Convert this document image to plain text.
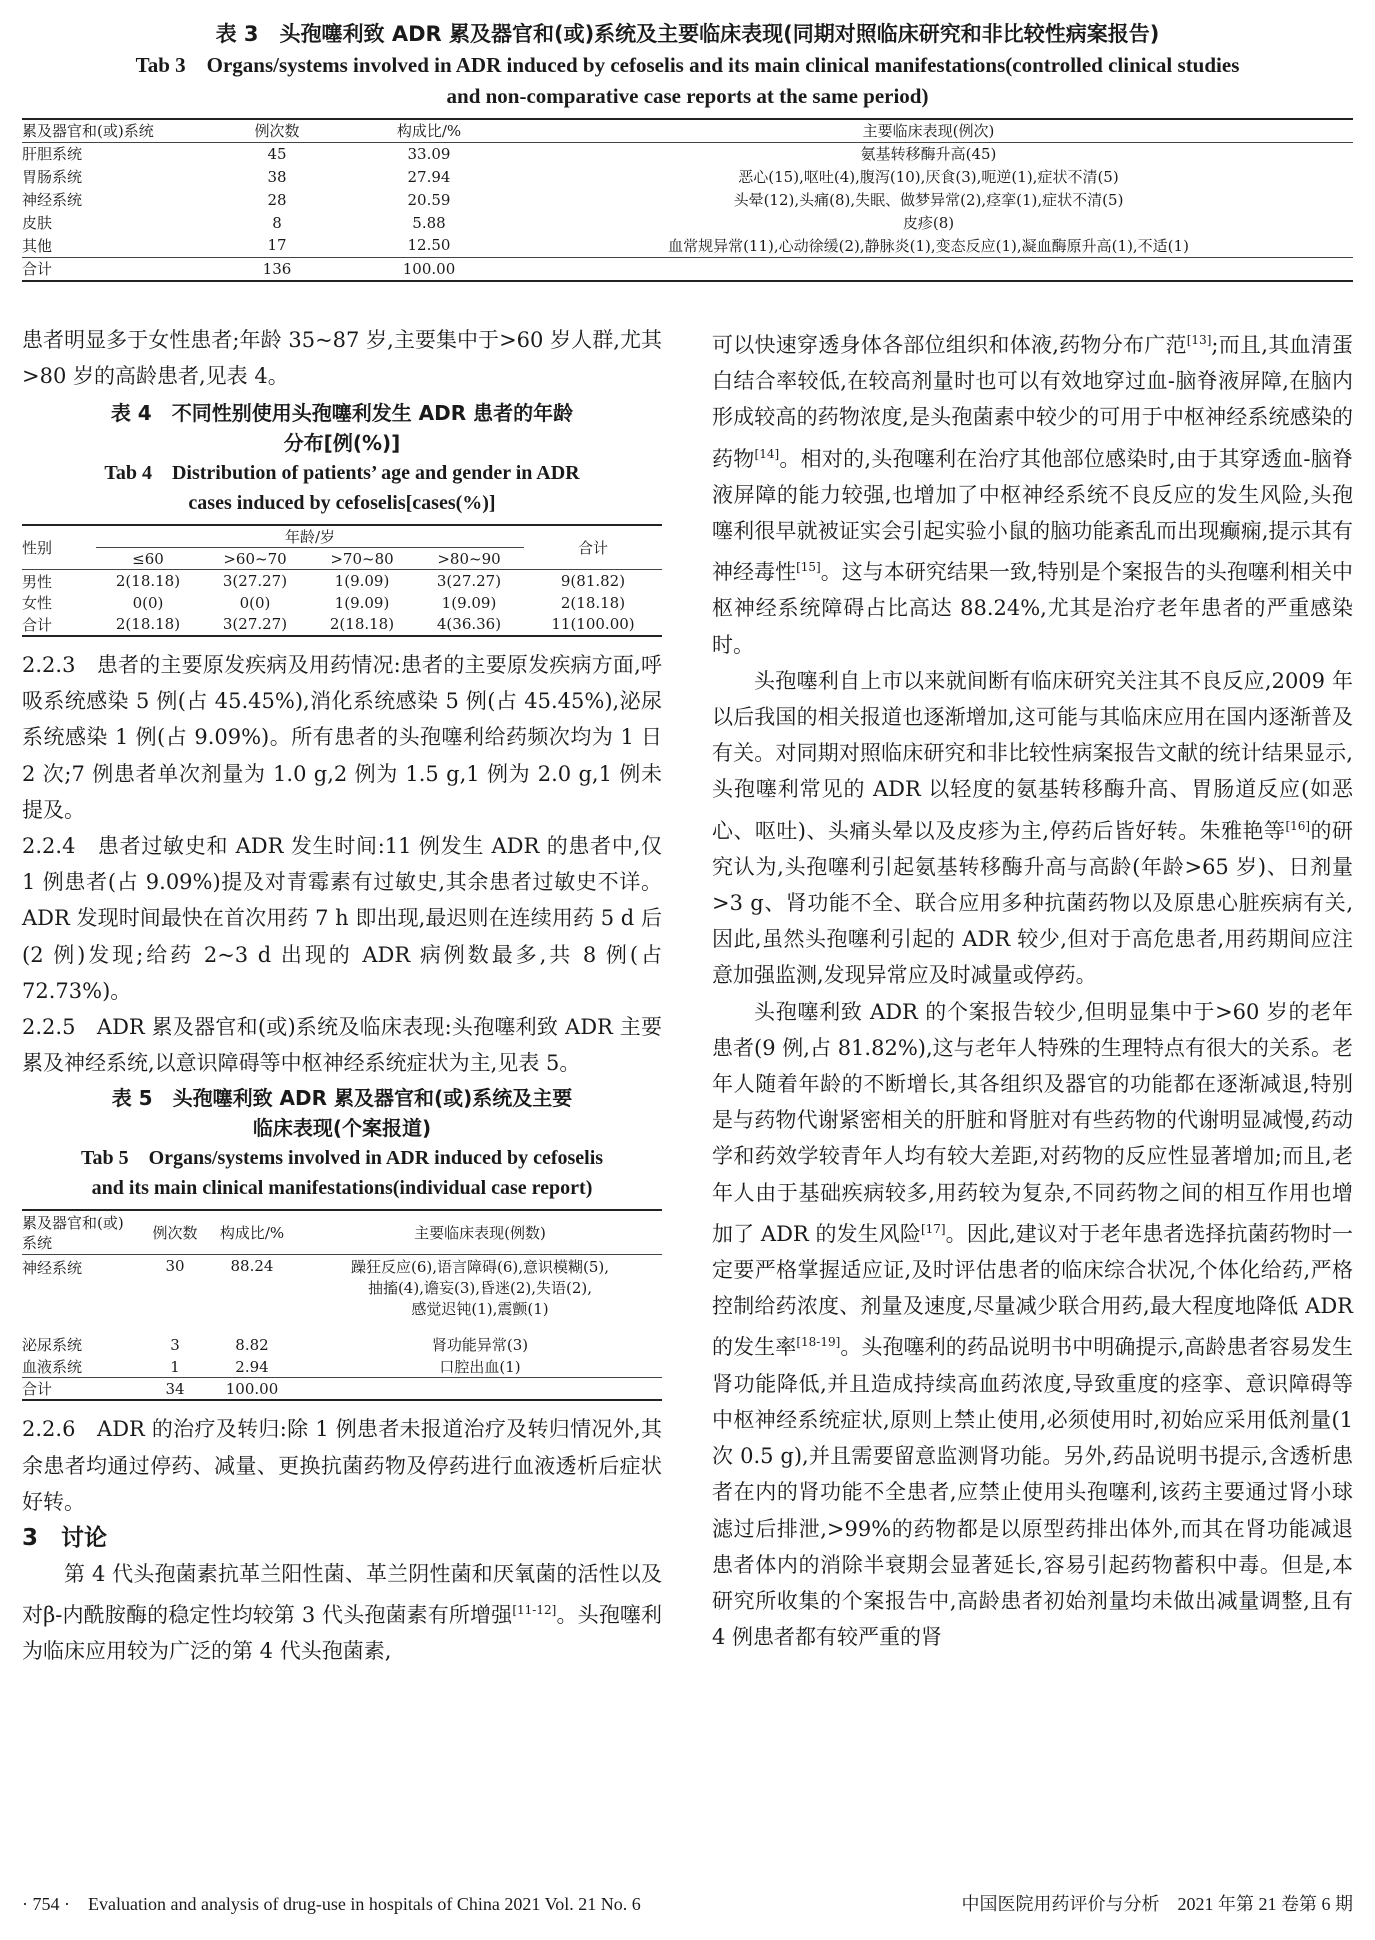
表 3　头孢噻利致 ADR 累及器官和(或)系统及主要临床表现(同期对照临床研究和非比较性病案报告)
Tab 3　Organs/systems involved in ADR induced by cefoselis and its main clinical manifestations(controlled clinical studies
and non-comparative case reports at the same period)
累及器官和(或)系统	例次数	构成比/%	主要临床表现(例次)
肝胆系统	45	33.09	氨基转移酶升高(45)
胃肠系统	38	27.94	恶心(15),呕吐(4),腹泻(10),厌食(3),呃逆(1),症状不清(5)
神经系统	28	20.59	头晕(12),头痛(8),失眠、做梦异常(2),痉挛(1),症状不清(5)
皮肤	8	5.88	皮疹(8)
其他	17	12.50	血常规异常(11),心动徐缓(2),静脉炎(1),变态反应(1),凝血酶原升高(1),不适(1)
合计	136	100.00	

患者明显多于女性患者;年龄 35~87 岁,主要集中于>60 岁人群,尤其>80 岁的高龄患者,见表 4。

表 4　不同性别使用头孢噻利发生 ADR 患者的年龄
分布[例(%)]
Tab 4　Distribution of patients’ age and gender in ADR
cases induced by cefoselis[cases(%)]
性别	年龄/岁				合计
	≤60	>60~70	>70~80	>80~90	
男性	2(18.18)	3(27.27)	1(9.09)	3(27.27)	9(81.82)
女性	0(0)	0(0)	1(9.09)	1(9.09)	2(18.18)
合计	2(18.18)	3(27.27)	2(18.18)	4(36.36)	11(100.00)

2.2.3　患者的主要原发疾病及用药情况:患者的主要原发疾病方面,呼吸系统感染 5 例(占 45.45%),消化系统感染 5 例(占 45.45%),泌尿系统感染 1 例(占 9.09%)。所有患者的头孢噻利给药频次均为 1 日 2 次;7 例患者单次剂量为 1.0 g,2 例为 1.5 g,1 例为 2.0 g,1 例未提及。

2.2.4　患者过敏史和 ADR 发生时间:11 例发生 ADR 的患者中,仅 1 例患者(占 9.09%)提及对青霉素有过敏史,其余患者过敏史不详。ADR 发现时间最快在首次用药 7 h 即出现,最迟则在连续用药 5 d 后(2 例)发现;给药 2~3 d 出现的 ADR 病例数最多,共 8 例(占 72.73%)。

2.2.5　ADR 累及器官和(或)系统及临床表现:头孢噻利致 ADR 主要累及神经系统,以意识障碍等中枢神经系统症状为主,见表 5。

表 5　头孢噻利致 ADR 累及器官和(或)系统及主要
临床表现(个案报道)
Tab 5　Organs/systems involved in ADR induced by cefoselis
and its main clinical manifestations(individual case report)
累及器官和(或)
系统	例次数	构成比/%	主要临床表现(例数)
神经系统	30	88.24	躁狂反应(6),语言障碍(6),意识模糊(5),
抽搐(4),谵妄(3),昏迷(2),失语(2),
感觉迟钝(1),震颤(1)

泌尿系统	3	8.82	肾功能异常(3)
血液系统	1	2.94	口腔出血(1)
合计	34	100.00	

2.2.6　ADR 的治疗及转归:除 1 例患者未报道治疗及转归情况外,其余患者均通过停药、减量、更换抗菌药物及停药进行血液透析后症状好转。

3　讨论

第 4 代头孢菌素抗革兰阳性菌、革兰阴性菌和厌氧菌的活性以及对β-内酰胺酶的稳定性均较第 3 代头孢菌素有所增强[11-12]。头孢噻利为临床应用较为广泛的第 4 代头孢菌素,

可以快速穿透身体各部位组织和体液,药物分布广范[13];而且,其血清蛋白结合率较低,在较高剂量时也可以有效地穿过血-脑脊液屏障,在脑内形成较高的药物浓度,是头孢菌素中较少的可用于中枢神经系统感染的药物[14]。相对的,头孢噻利在治疗其他部位感染时,由于其穿透血-脑脊液屏障的能力较强,也增加了中枢神经系统不良反应的发生风险,头孢噻利很早就被证实会引起实验小鼠的脑功能紊乱而出现癫痫,提示其有神经毒性[15]。这与本研究结果一致,特别是个案报告的头孢噻利相关中枢神经系统障碍占比高达 88.24%,尤其是治疗老年患者的严重感染时。

头孢噻利自上市以来就间断有临床研究关注其不良反应,2009 年以后我国的相关报道也逐渐增加,这可能与其临床应用在国内逐渐普及有关。对同期对照临床研究和非比较性病案报告文献的统计结果显示,头孢噻利常见的 ADR 以轻度的氨基转移酶升高、胃肠道反应(如恶心、呕吐)、头痛头晕以及皮疹为主,停药后皆好转。朱雅艳等[16]的研究认为,头孢噻利引起氨基转移酶升高与高龄(年龄>65 岁)、日剂量>3 g、肾功能不全、联合应用多种抗菌药物以及原患心脏疾病有关,因此,虽然头孢噻利引起的 ADR 较少,但对于高危患者,用药期间应注意加强监测,发现异常应及时减量或停药。

头孢噻利致 ADR 的个案报告较少,但明显集中于>60 岁的老年患者(9 例,占 81.82%),这与老年人特殊的生理特点有很大的关系。老年人随着年龄的不断增长,其各组织及器官的功能都在逐渐减退,特别是与药物代谢紧密相关的肝脏和肾脏对有些药物的代谢明显减慢,药动学和药效学较青年人均有较大差距,对药物的反应性显著增加;而且,老年人由于基础疾病较多,用药较为复杂,不同药物之间的相互作用也增加了 ADR 的发生风险[17]。因此,建议对于老年患者选择抗菌药物时一定要严格掌握适应证,及时评估患者的临床综合状况,个体化给药,严格控制给药浓度、剂量及速度,尽量减少联合用药,最大程度地降低 ADR 的发生率[18-19]。头孢噻利的药品说明书中明确提示,高龄患者容易发生肾功能降低,并且造成持续高血药浓度,导致重度的痉挛、意识障碍等中枢神经系统症状,原则上禁止使用,必须使用时,初始应采用低剂量(1 次 0.5 g),并且需要留意监测肾功能。另外,药品说明书提示,含透析患者在内的肾功能不全患者,应禁止使用头孢噻利,该药主要通过肾小球滤过后排泄,>99%的药物都是以原型药排出体外,而其在肾功能减退患者体内的消除半衰期会显著延长,容易引起药物蓄积中毒。但是,本研究所收集的个案报告中,高龄患者初始剂量均未做出减量调整,且有 4 例患者都有较严重的肾

· 754 ·　Evaluation and analysis of drug-use in hospitals of China 2021 Vol. 21 No. 6	中国医院用药评价与分析　2021 年第 21 卷第 6 期
